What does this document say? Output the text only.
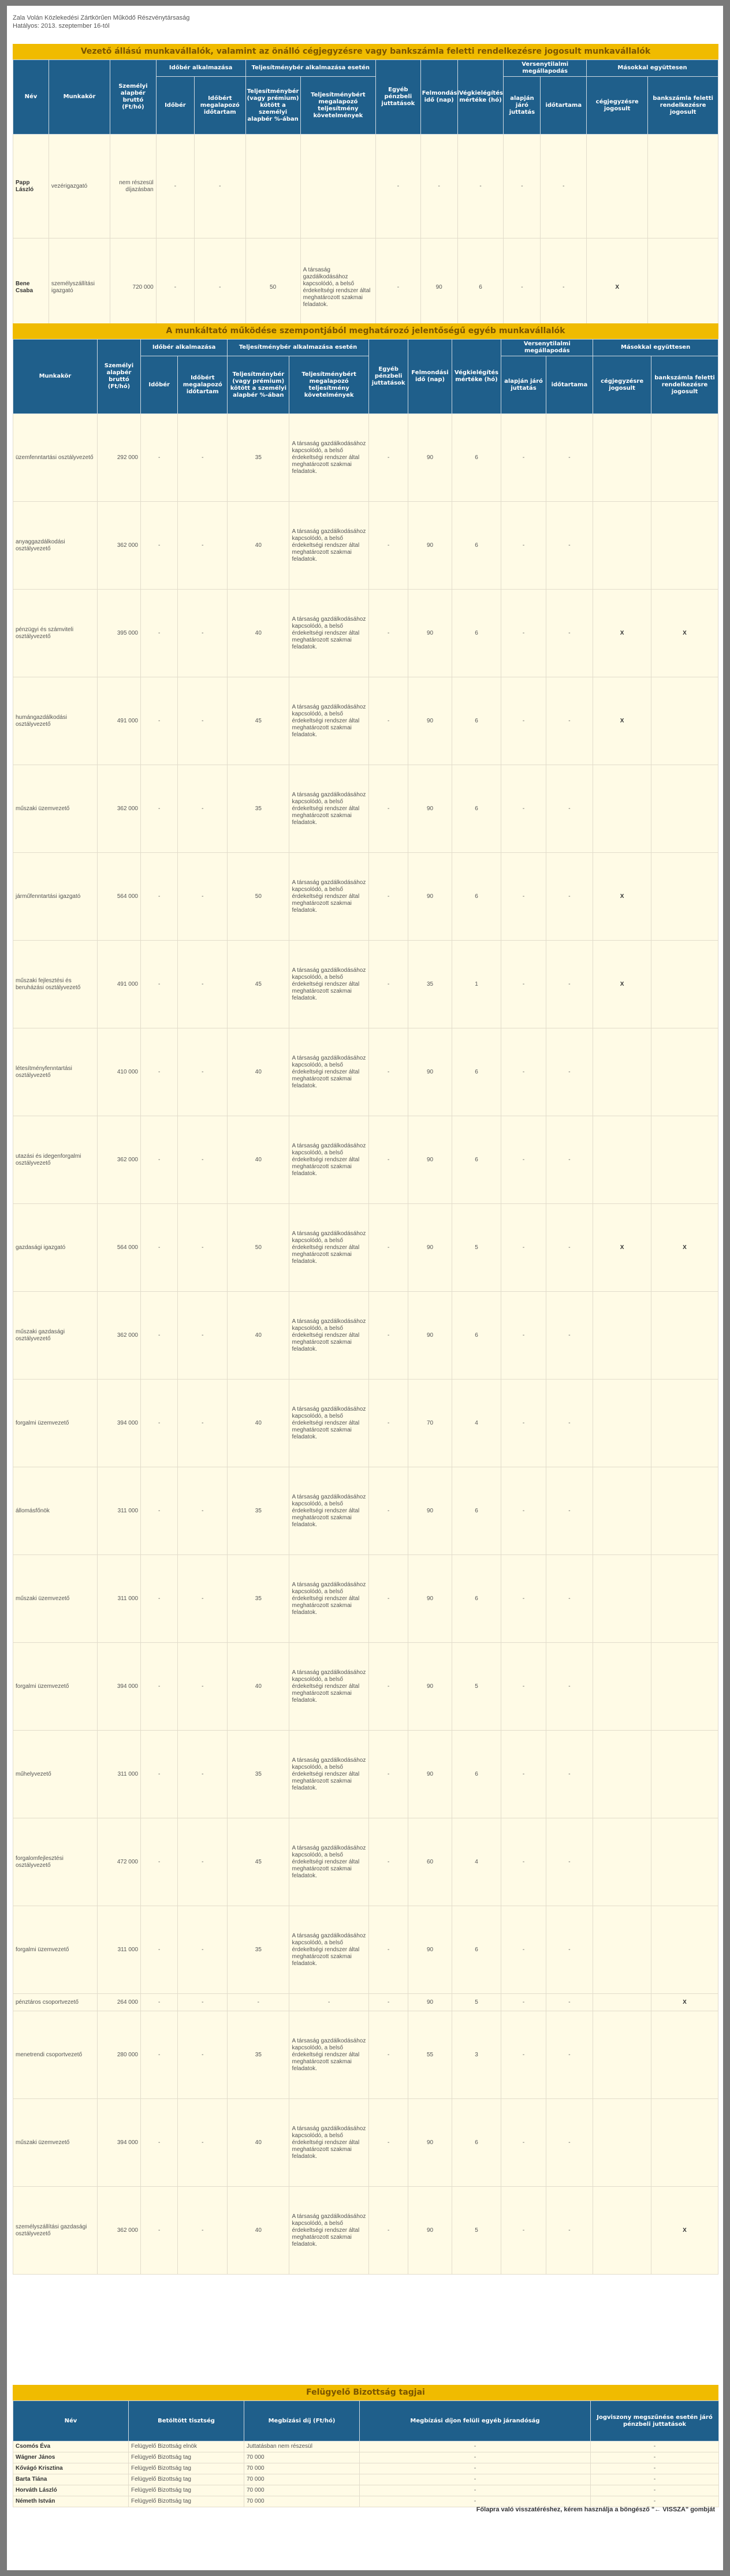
Zala Volán Közlekedési Zártkörűen Működő Részvénytársaság
Hatályos: 2013. szeptember 16-tól
Vezető állású munkavállalók, valamint az önálló cégjegyzésre vagy bankszámla feletti rendelkezésre jogosult munkavállalók
Név	Munkakör	Személyi alapbér bruttó (Ft/hó)	Időbér alkalmazása		Teljesítménybér alkalmazása esetén		Egyéb pénzbeli juttatások	Felmondási idő (nap)	Végkielégítés mértéke (hó)	Versenytilalmi megállapodás		Másokkal együttesen	
			Időbér	Időbért megalapozó időtartam	Teljesítménybér (vagy prémium) kötött a személyi alapbér %-ában	Teljesítménybért megalapozó teljesítmény követelmények				alapján járó juttatás	időtartama	cégjegyzésre jogosult	bankszámla feletti rendelkezésre jogosult
Papp László	vezérigazgató	nem részesül díjazásban	-	-			-	-	-	-	-		
Bene Csaba	személyszállítási igazgató	720 000	-	-	50	A társaság gazdálkodásához kapcsolódó, a belső érdekeltségi rendszer által meghatározott szakmai feladatok.	-	90	6	-	-	X	
A munkáltató működése szempontjából meghatározó jelentőségű egyéb munkavállalók
Munkakör	Személyi alapbér bruttó (Ft/hó)	Időbér alkalmazása		Teljesítménybér alkalmazása esetén		Egyéb pénzbeli juttatások	Felmondási idő (nap)	Végkielégítés mértéke (hó)	Versenytilalmi megállapodás		Másokkal együttesen	
		Időbér	Időbért megalapozó időtartam	Teljesítménybér (vagy prémium) kötött a személyi alapbér %-ában	Teljesítménybért megalapozó teljesítmény követelmények				alapján járó juttatás	időtartama	cégjegyzésre jogosult	bankszámla feletti rendelkezésre jogosult
üzemfenntartási osztályvezető	292 000	-	-	35	A társaság gazdálkodásához kapcsolódó, a belső érdekeltségi rendszer által meghatározott szakmai feladatok.	-	90	6	-	-		
anyaggazdálkodási osztályvezető	362 000	-	-	40	A társaság gazdálkodásához kapcsolódó, a belső érdekeltségi rendszer által meghatározott szakmai feladatok.	-	90	6	-	-		
pénzügyi és számviteli osztályvezető	395 000	-	-	40	A társaság gazdálkodásához kapcsolódó, a belső érdekeltségi rendszer által meghatározott szakmai feladatok.	-	90	6	-	-	X	X
humángazdálkodási osztályvezető	491 000	-	-	45	A társaság gazdálkodásához kapcsolódó, a belső érdekeltségi rendszer által meghatározott szakmai feladatok.	-	90	6	-	-	X	
műszaki üzemvezető	362 000	-	-	35	A társaság gazdálkodásához kapcsolódó, a belső érdekeltségi rendszer által meghatározott szakmai feladatok.	-	90	6	-	-		
járműfenntartási igazgató	564 000	-	-	50	A társaság gazdálkodásához kapcsolódó, a belső érdekeltségi rendszer által meghatározott szakmai feladatok.	-	90	6	-	-	X	
műszaki fejlesztési és beruházási osztályvezető	491 000	-	-	45	A társaság gazdálkodásához kapcsolódó, a belső érdekeltségi rendszer által meghatározott szakmai feladatok.	-	35	1	-	-	X	
létesítményfenntartási osztályvezető	410 000	-	-	40	A társaság gazdálkodásához kapcsolódó, a belső érdekeltségi rendszer által meghatározott szakmai feladatok.	-	90	6	-	-		
utazási és idegenforgalmi osztályvezető	362 000	-	-	40	A társaság gazdálkodásához kapcsolódó, a belső érdekeltségi rendszer által meghatározott szakmai feladatok.	-	90	6	-	-		
gazdasági igazgató	564 000	-	-	50	A társaság gazdálkodásához kapcsolódó, a belső érdekeltségi rendszer által meghatározott szakmai feladatok.	-	90	5	-	-	X	X
műszaki gazdasági osztályvezető	362 000	-	-	40	A társaság gazdálkodásához kapcsolódó, a belső érdekeltségi rendszer által meghatározott szakmai feladatok.	-	90	6	-	-		
forgalmi üzemvezető	394 000	-	-	40	A társaság gazdálkodásához kapcsolódó, a belső érdekeltségi rendszer által meghatározott szakmai feladatok.	-	70	4	-	-		
állomásfőnök	311 000	-	-	35	A társaság gazdálkodásához kapcsolódó, a belső érdekeltségi rendszer által meghatározott szakmai feladatok.	-	90	6	-	-		
műszaki üzemvezető	311 000	-	-	35	A társaság gazdálkodásához kapcsolódó, a belső érdekeltségi rendszer által meghatározott szakmai feladatok.	-	90	6	-	-		
forgalmi üzemvezető	394 000	-	-	40	A társaság gazdálkodásához kapcsolódó, a belső érdekeltségi rendszer által meghatározott szakmai feladatok.	-	90	5	-	-		
műhelyvezető	311 000	-	-	35	A társaság gazdálkodásához kapcsolódó, a belső érdekeltségi rendszer által meghatározott szakmai feladatok.	-	90	6	-	-		
forgalomfejlesztési osztályvezető	472 000	-	-	45	A társaság gazdálkodásához kapcsolódó, a belső érdekeltségi rendszer által meghatározott szakmai feladatok.	-	60	4	-	-		
forgalmi üzemvezető	311 000	-	-	35	A társaság gazdálkodásához kapcsolódó, a belső érdekeltségi rendszer által meghatározott szakmai feladatok.	-	90	6	-	-		
pénztáros csoportvezető	264 000	-	-	-	-	-	90	5	-	-		X
menetrendi csoportvezető	280 000	-	-	35	A társaság gazdálkodásához kapcsolódó, a belső érdekeltségi rendszer által meghatározott szakmai feladatok.	-	55	3	-	-		
műszaki üzemvezető	394 000	-	-	40	A társaság gazdálkodásához kapcsolódó, a belső érdekeltségi rendszer által meghatározott szakmai feladatok.	-	90	6	-	-		
személyszállítási gazdasági osztályvezető	362 000	-	-	40	A társaság gazdálkodásához kapcsolódó, a belső érdekeltségi rendszer által meghatározott szakmai feladatok.	-	90	5	-	-		X
Felügyelő Bizottság tagjai
Név	Betöltött tisztség	Megbízási díj (Ft/hó)	Megbízási díjon felüli egyéb járandóság	Jogviszony megszűnése esetén járó pénzbeli juttatások
Csomós Éva	Felügyelő Bizottság elnök	Juttatásban nem részesül	-	-
Wágner János	Felügyelő Bizottság tag	70 000	-	-
Kővágó Krisztina	Felügyelő Bizottság tag	70 000	-	-
Barta Tiána	Felügyelő Bizottság tag	70 000	-	-
Horváth László	Felügyelő Bizottság tag	70 000	-	-
Németh István	Felügyelő Bizottság tag	70 000	-	-
Főlapra való visszatéréshez, kérem használja a böngésző "← VISSZA" gombját
